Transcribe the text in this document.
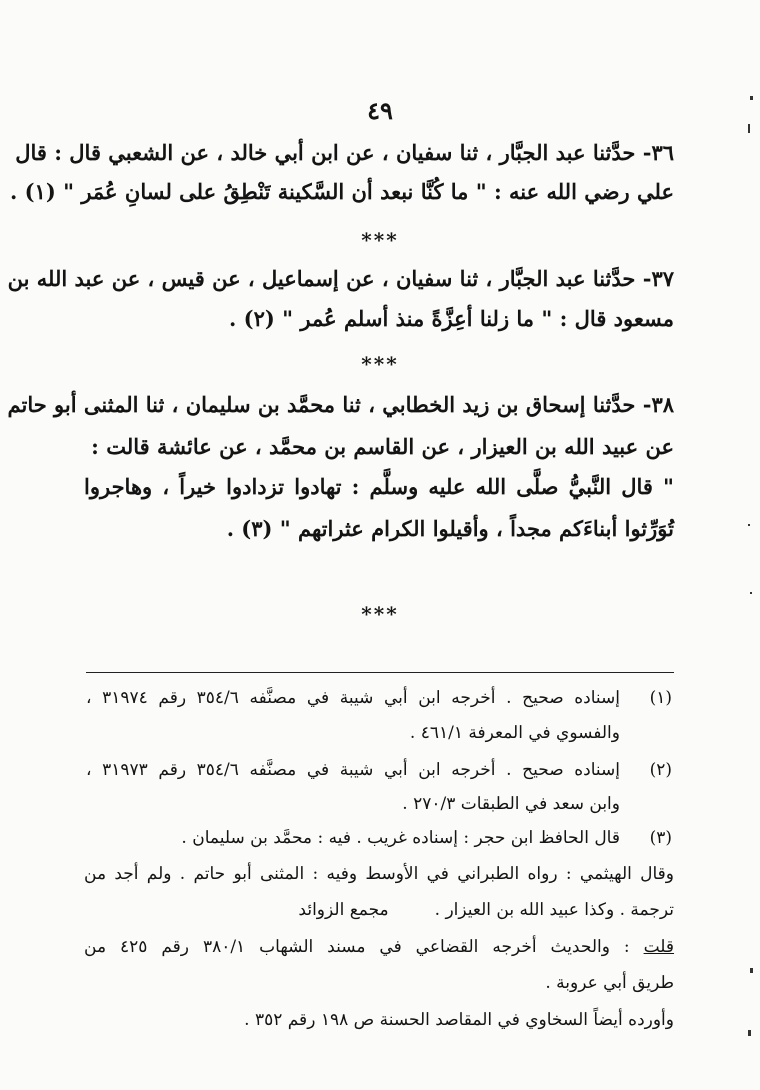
٤٩
٣٦- حدَّثنا عبد الجبَّار ، ثنا سفيان ، عن ابن أبي خالد ، عن الشعبي قال : قال
علي رضي الله عنه : " ما كُنَّا نبعد أن السَّكينة تَنْطِقُ على لسانِ عُمَر " (١) .
***
٣٧- حدَّثنا عبد الجبَّار ، ثنا سفيان ، عن إسماعيل ، عن قيس ، عن عبد الله بن
مسعود قال : " ما زلنا أعِزَّةً منذ أسلم عُمر " (٢) .
***
٣٨- حدَّثنا إسحاق بن زيد الخطابي ، ثنا محمَّد بن سليمان ، ثنا المثنى أبو حاتم
عن عبيد الله بن العيزار ، عن القاسم بن محمَّد ، عن عائشة قالت :
" قال النَّبيُّ صلَّى الله عليه وسلَّم : تهادوا تزدادوا خيراً ، وهاجروا
تُوَرِّثوا أبناءَكم مجداً ، وأقيلوا الكرام عثراتهم " (٣) .
***
(١)
إسناده صحيح . أخرجه ابن أبي شيبة في مصنَّفه ٣٥٤/٦ رقم ٣١٩٧٤ ،
والفسوي في المعرفة ٤٦١/١ .
(٢)
إسناده صحيح . أخرجه ابن أبي شيبة في مصنَّفه ٣٥٤/٦ رقم ٣١٩٧٣ ،
وابن سعد في الطبقات ٢٧٠/٣ .
(٣)
قال الحافظ ابن حجر : إسناده غريب . فيه : محمَّد بن سليمان .
وقال الهيثمي : رواه الطبراني في الأوسط وفيه : المثنى أبو حاتم . ولم أجد من
ترجمة . وكذا عبيد الله بن العيزار .مجمع الزوائد
قلت : والحديث أخرجه القضاعي في مسند الشهاب ٣٨٠/١ رقم ٤٢٥ من
طريق أبي عروبة .
وأورده أيضاً السخاوي في المقاصد الحسنة ص ١٩٨ رقم ٣٥٢ .
